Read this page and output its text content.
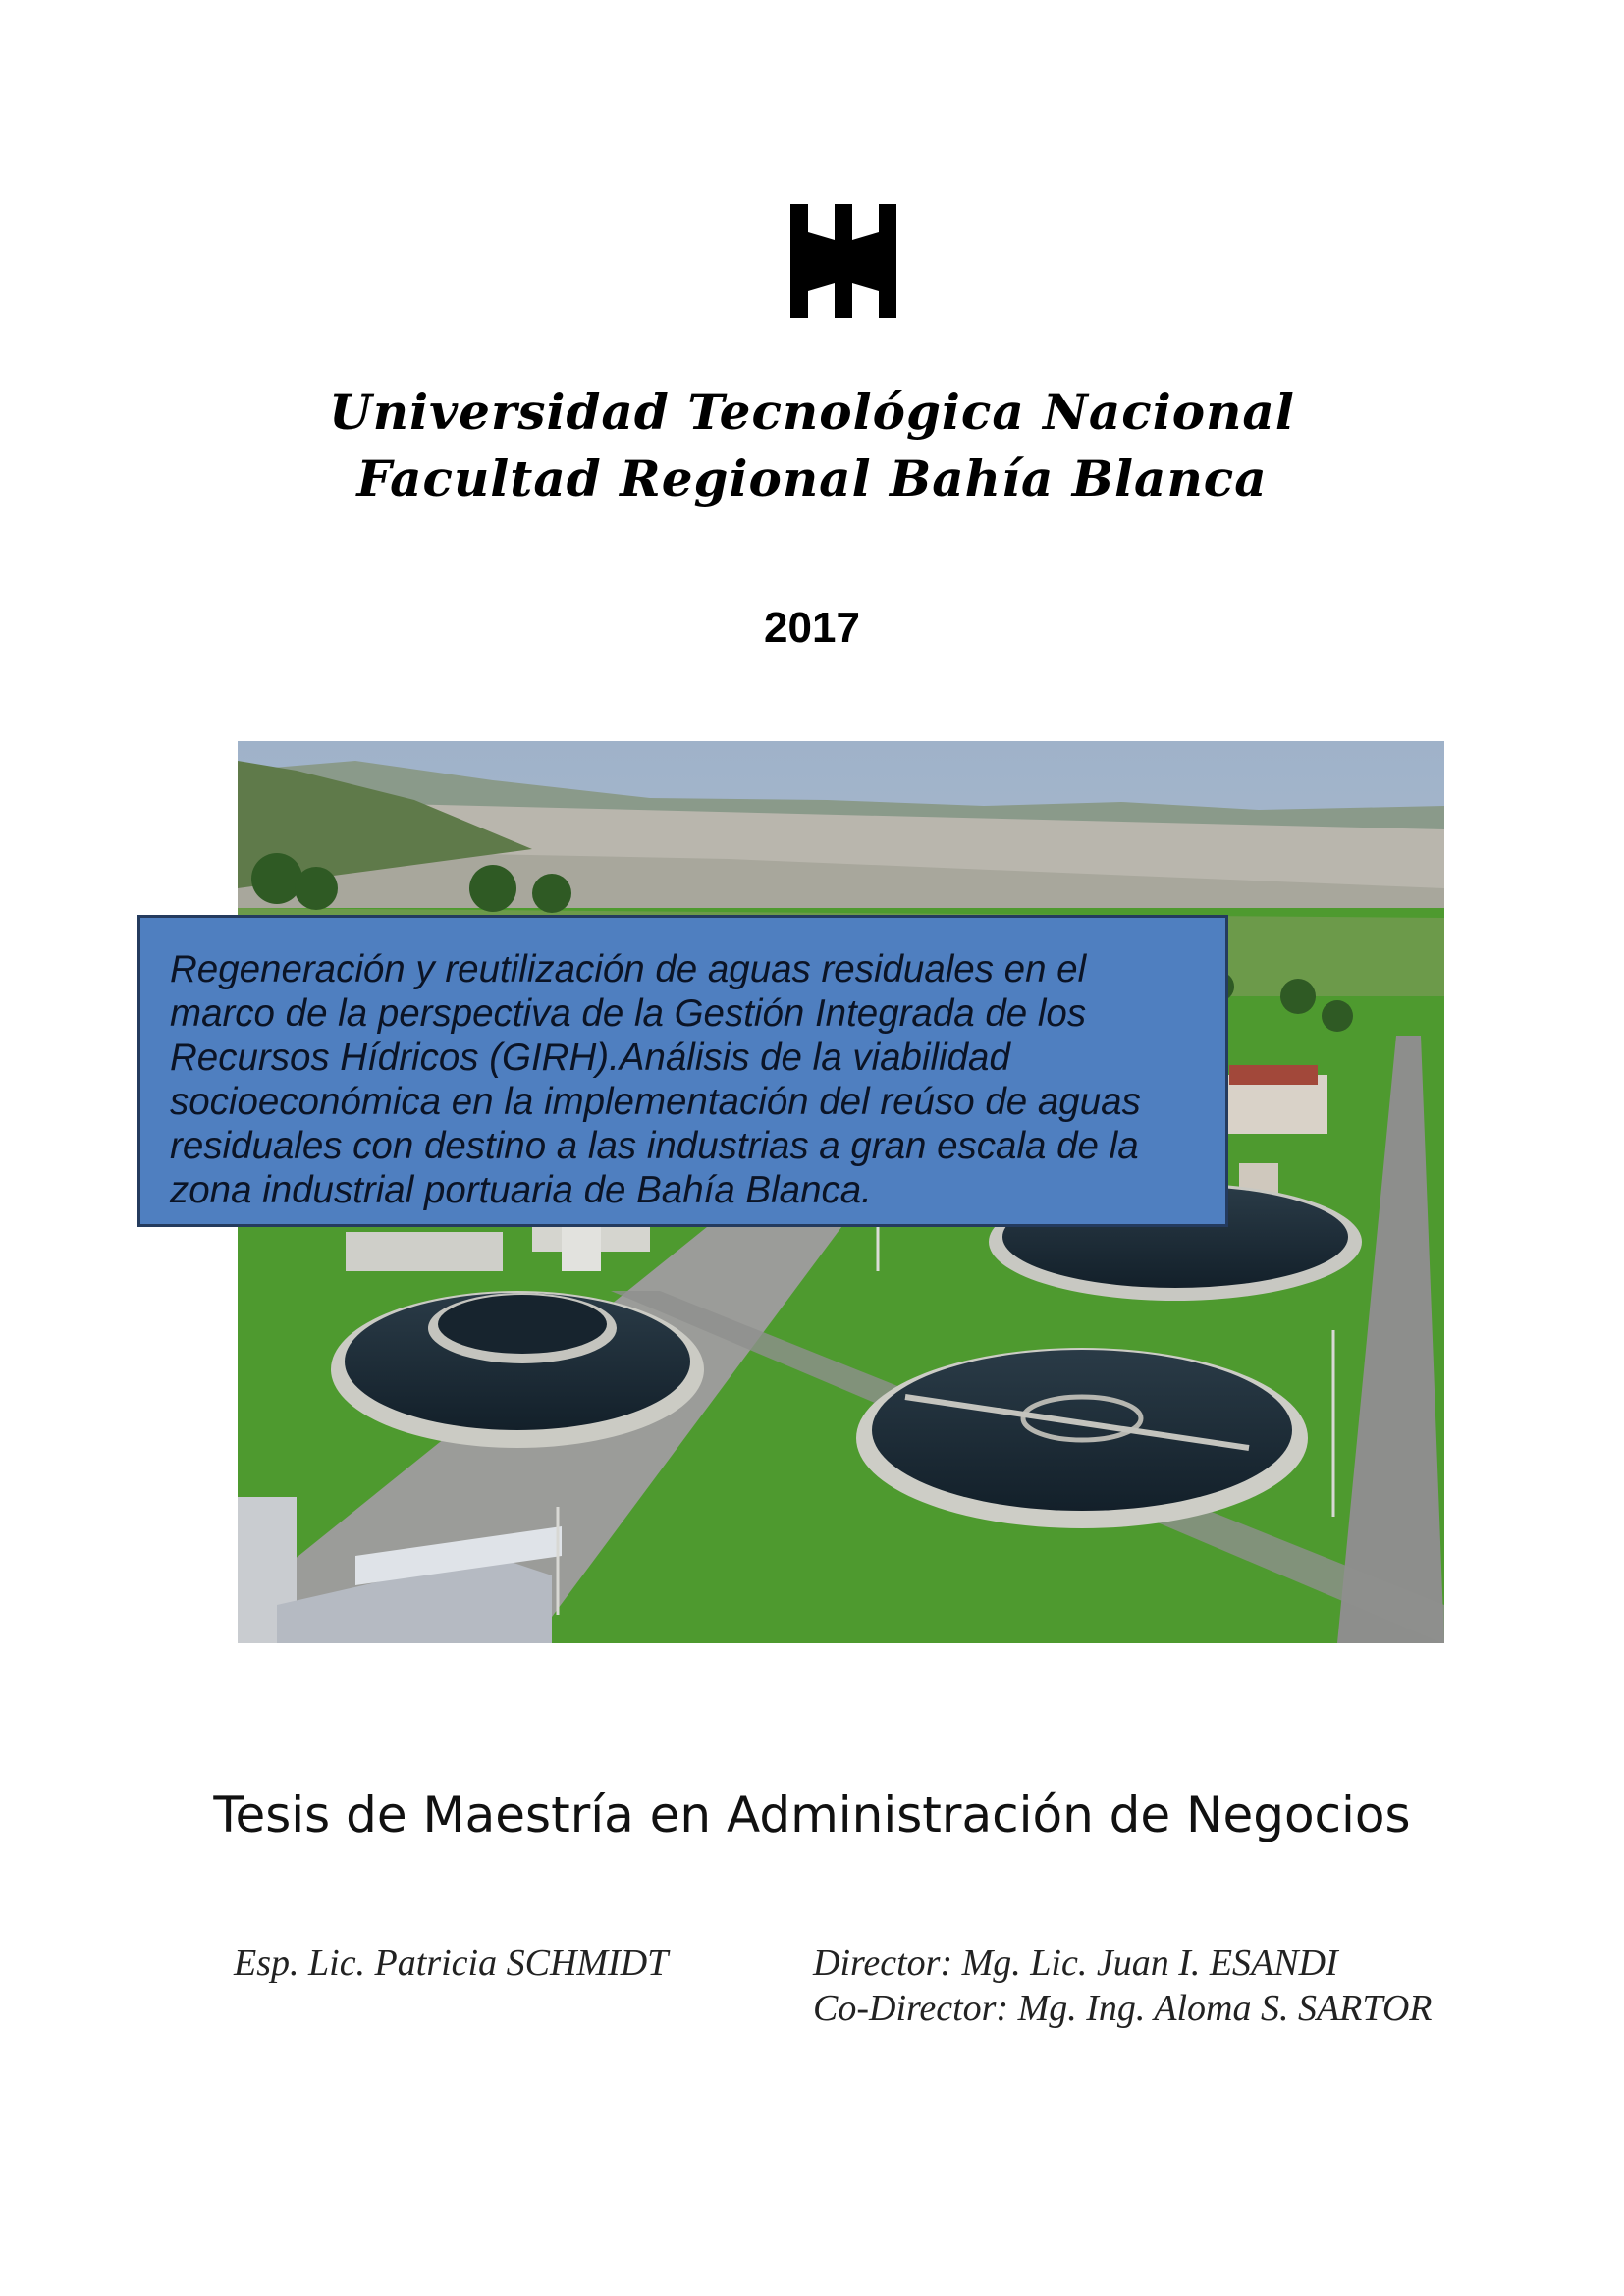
Universidad Tecnológica Nacional
Facultad Regional Bahía Blanca
2017

Regeneración y reutilización de aguas residuales en el marco de la perspectiva de la Gestión Integrada de los Recursos Hídricos (GIRH).Análisis de la viabilidad socioeconómica en la implementación del reúso de aguas residuales con destino a las industrias a gran escala de la zona industrial portuaria de Bahía Blanca.

Tesis de Maestría en Administración de Negocios
Esp. Lic. Patricia SCHMIDT	Director: Mg. Lic. Juan I. ESANDI
Co-Director: Mg. Ing. Aloma S. SARTOR
